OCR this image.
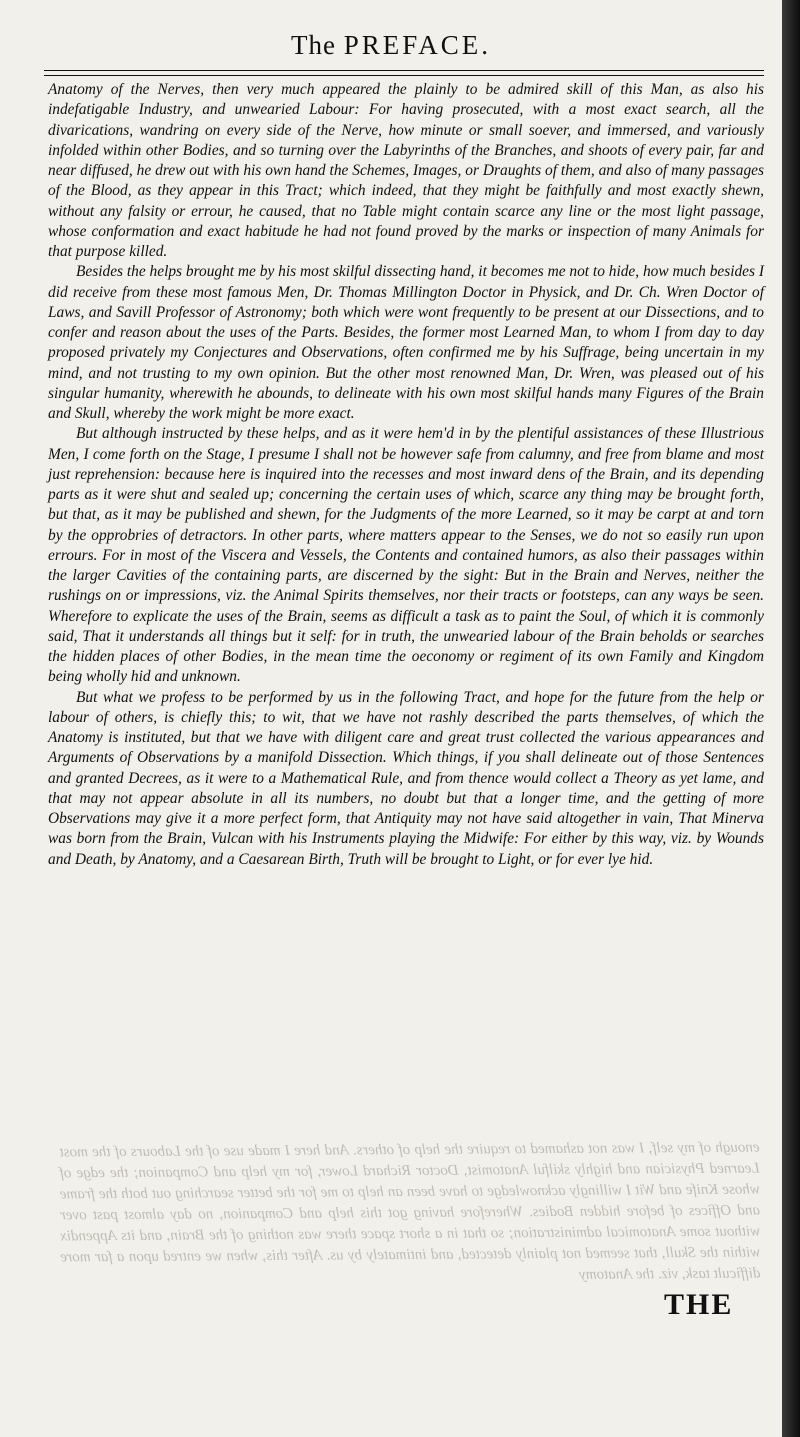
The PREFACE.

Anatomy of the Nerves, then very much appeared the plainly to be admired skill of this Man, as also his indefatigable Industry, and unwearied Labour: For having prosecuted, with a most exact search, all the divarications, wandring on every side of the Nerve, how minute or small soever, and immersed, and variously infolded within other Bodies, and so turning over the Labyrinths of the Branches, and shoots of every pair, far and near diffused, he drew out with his own hand the Schemes, Images, or Draughts of them, and also of many passages of the Blood, as they appear in this Tract; which indeed, that they might be faithfully and most exactly shewn, without any falsity or errour, he caused, that no Table might contain scarce any line or the most light passage, whose conformation and exact habitude he had not found proved by the marks or inspection of many Animals for that purpose killed.

Besides the helps brought me by his most skilful dissecting hand, it becomes me not to hide, how much besides I did receive from these most famous Men, Dr. Thomas Millington Doctor in Physick, and Dr. Ch. Wren Doctor of Laws, and Savill Professor of Astronomy; both which were wont frequently to be present at our Dissections, and to confer and reason about the uses of the Parts. Besides, the former most Learned Man, to whom I from day to day proposed privately my Conjectures and Observations, often confirmed me by his Suffrage, being uncertain in my mind, and not trusting to my own opinion. But the other most renowned Man, Dr. Wren, was pleased out of his singular humanity, wherewith he abounds, to delineate with his own most skilful hands many Figures of the Brain and Skull, whereby the work might be more exact.

But although instructed by these helps, and as it were hem'd in by the plentiful assistances of these Illustrious Men, I come forth on the Stage, I presume I shall not be however safe from calumny, and free from blame and most just reprehension: because here is inquired into the recesses and most inward dens of the Brain, and its depending parts as it were shut and sealed up; concerning the certain uses of which, scarce any thing may be brought forth, but that, as it may be published and shewn, for the Judgments of the more Learned, so it may be carpt at and torn by the opprobries of detractors. In other parts, where matters appear to the Senses, we do not so easily run upon errours. For in most of the Viscera and Vessels, the Contents and contained humors, as also their passages within the larger Cavities of the containing parts, are discerned by the sight: But in the Brain and Nerves, neither the rushings on or impressions, viz. the Animal Spirits themselves, nor their tracts or footsteps, can any ways be seen. Wherefore to explicate the uses of the Brain, seems as difficult a task as to paint the Soul, of which it is commonly said, That it understands all things but it self: for in truth, the unwearied labour of the Brain beholds or searches the hidden places of other Bodies, in the mean time the oeconomy or regiment of its own Family and Kingdom being wholly hid and unknown.

But what we profess to be performed by us in the following Tract, and hope for the future from the help or labour of others, is chiefly this; to wit, that we have not rashly described the parts themselves, of which the Anatomy is instituted, but that we have with diligent care and great trust collected the various appearances and Arguments of Observations by a manifold Dissection. Which things, if you shall delineate out of those Sentences and granted Decrees, as it were to a Mathematical Rule, and from thence would collect a Theory as yet lame, and that may not appear absolute in all its numbers, no doubt but that a longer time, and the getting of more Observations may give it a more perfect form, that Antiquity may not have said altogether in vain, That Minerva was born from the Brain, Vulcan with his Instruments playing the Midwife: For either by this way, viz. by Wounds and Death, by Anatomy, and a Caesarean Birth, Truth will be brought to Light, or for ever lye hid.

enough of my self, I was not ashamed to require the help of others. And here I made use of the Labours of the most Learned Physician and highly skilful Anatomist, Doctor Richard Lower, for my help and Companion; the edge of whose Knife and Wit I willingly acknowledge to have been an help to me for the better searching out both the frame and Offices of before hidden Bodies. Wherefore having got this help and Companion, no day almost past over without some Anatomical administration; so that in a short space there was nothing of the Brain, and its Appendix within the Skull, that seemed not plainly detected, and intimately by us. After this, when we entred upon a far more difficult task, viz. the Anatomy
THE
